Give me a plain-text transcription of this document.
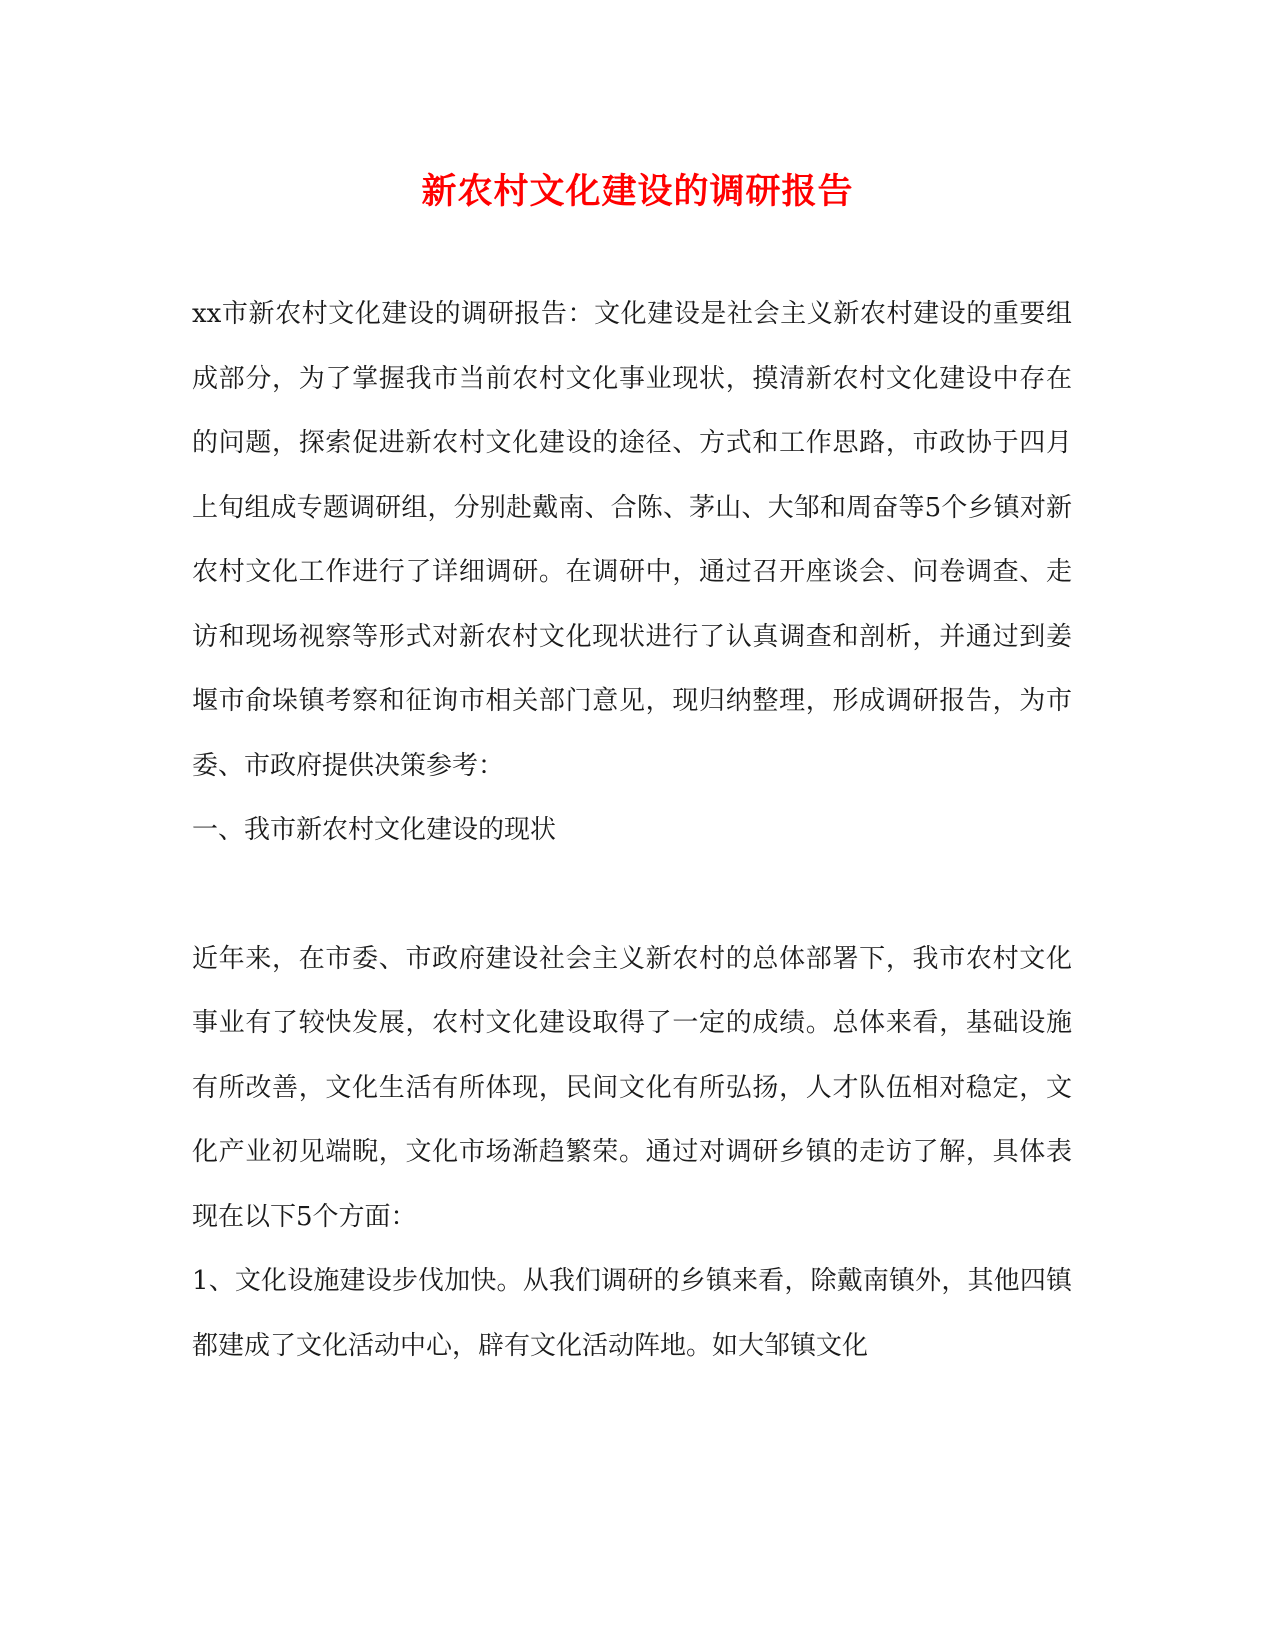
新农村文化建设的调研报告

xx市新农村文化建设的调研报告：文化建设是社会主义新农村建设的重要组成部分，为了掌握我市当前农村文化事业现状，摸清新农村文化建设中存在的问题，探索促进新农村文化建设的途径、方式和工作思路，市政协于四月上旬组成专题调研组，分别赴戴南、合陈、茅山、大邹和周奋等5个乡镇对新农村文化工作进行了详细调研。在调研中，通过召开座谈会、问卷调查、走访和现场视察等形式对新农村文化现状进行了认真调查和剖析，并通过到姜堰市俞垛镇考察和征询市相关部门意见，现归纳整理，形成调研报告，为市委、市政府提供决策参考：

一、我市新农村文化建设的现状

近年来，在市委、市政府建设社会主义新农村的总体部署下，我市农村文化事业有了较快发展，农村文化建设取得了一定的成绩。总体来看，基础设施有所改善，文化生活有所体现，民间文化有所弘扬，人才队伍相对稳定，文化产业初见端睨，文化市场渐趋繁荣。通过对调研乡镇的走访了解，具体表现在以下5个方面：

1、文化设施建设步伐加快。从我们调研的乡镇来看，除戴南镇外，其他四镇都建成了文化活动中心，辟有文化活动阵地。如大邹镇文化
